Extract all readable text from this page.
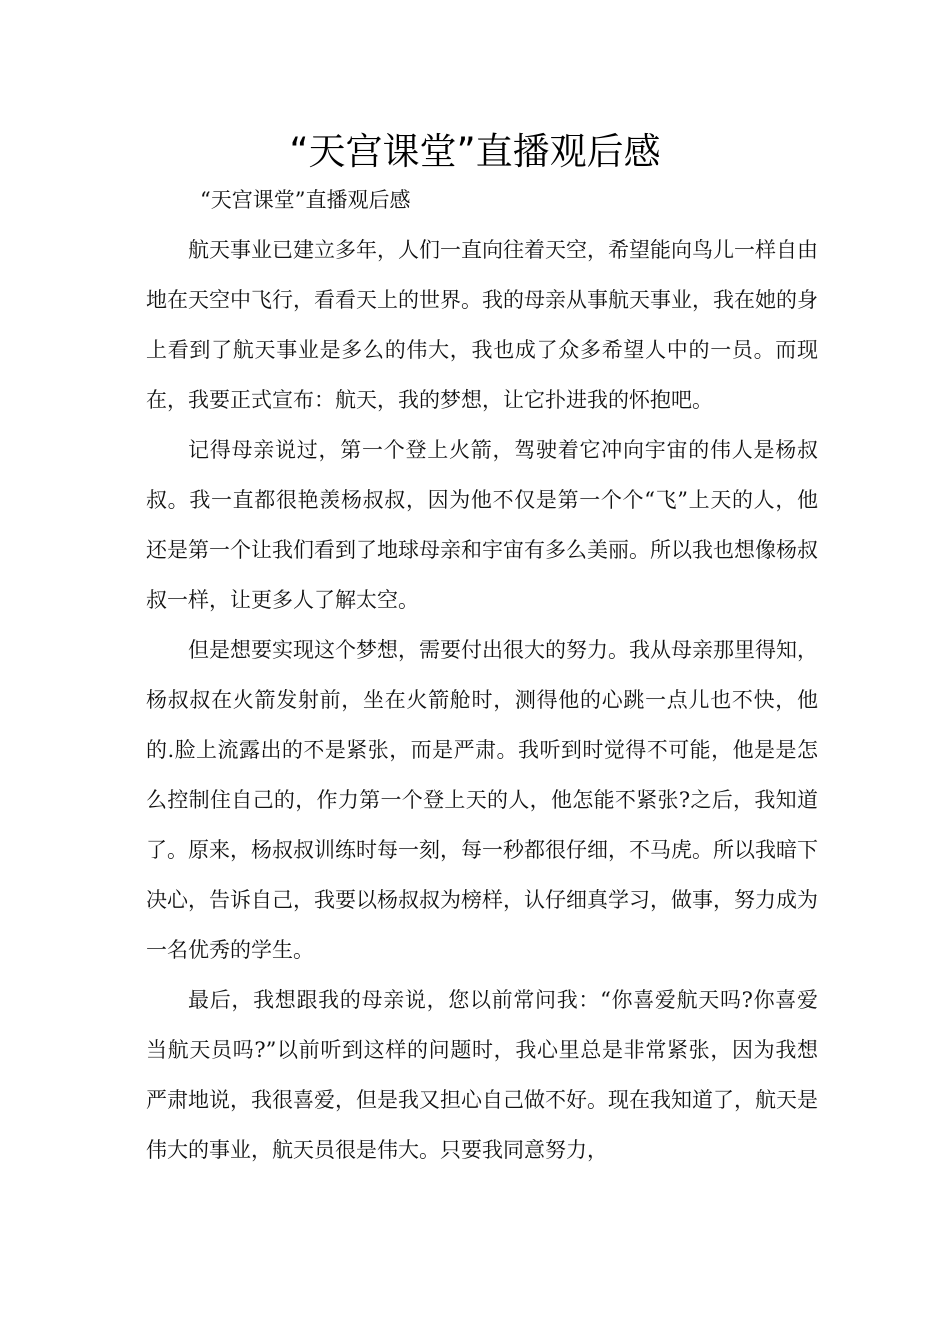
“天宫课堂”直播观后感

“天宫课堂”直播观后感

航天事业已建立多年，人们一直向往着天空，希望能向鸟儿一样自由地在天空中飞行，看看天上的世界。我的母亲从事航天事业，我在她的身上看到了航天事业是多么的伟大，我也成了众多希望人中的一员。而现在，我要正式宣布：航天，我的梦想，让它扑进我的怀抱吧。

记得母亲说过，第一个登上火箭，驾驶着它冲向宇宙的伟人是杨叔叔。我一直都很艳羡杨叔叔，因为他不仅是第一个个“飞”上天的人，他还是第一个让我们看到了地球母亲和宇宙有多么美丽。所以我也想像杨叔叔一样，让更多人了解太空。

但是想要实现这个梦想，需要付出很大的努力。我从母亲那里得知，杨叔叔在火箭发射前，坐在火箭舱时，测得他的心跳一点儿也不快，他的.脸上流露出的不是紧张，而是严肃。我听到时觉得不可能，他是是怎么控制住自己的，作力第一个登上天的人，他怎能不紧张?之后，我知道了。原来，杨叔叔训练时每一刻，每一秒都很仔细，不马虎。所以我暗下决心，告诉自己，我要以杨叔叔为榜样，认仔细真学习，做事，努力成为一名优秀的学生。

最后，我想跟我的母亲说，您以前常问我：“你喜爱航天吗?你喜爱当航天员吗?”以前听到这样的问题时，我心里总是非常紧张，因为我想严肃地说，我很喜爱，但是我又担心自己做不好。现在我知道了，航天是伟大的事业，航天员很是伟大。只要我同意努力，
